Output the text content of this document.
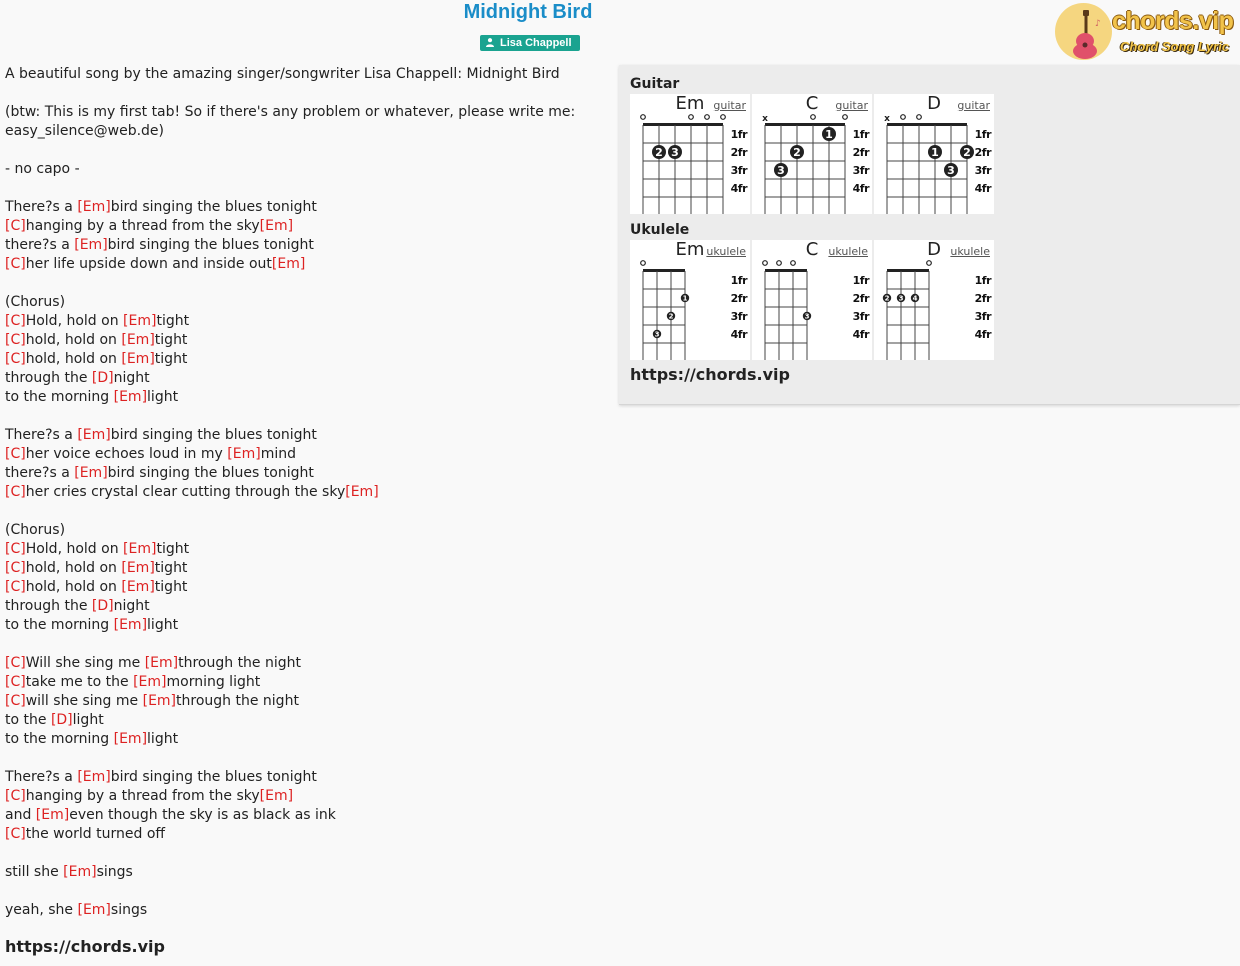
Midnight Bird
Lisa Chappell
♪ chords.vip
Chord Song Lyric
A beautiful song by the amazing singer/songwriter Lisa Chappell: Midnight Bird
(btw: This is my first tab! So if there's any problem or whatever, please write me:
easy_silence@web.de)
- no capo -
There?s a [Em]bird singing the blues tonight
[C]hanging by a thread from the sky[Em]
there?s a [Em]bird singing the blues tonight
[C]her life upside down and inside out[Em]
(Chorus)
[C]Hold, hold on [Em]tight
[C]hold, hold on [Em]tight
[C]hold, hold on [Em]tight
through the [D]night
to the morning [Em]light
There?s a [Em]bird singing the blues tonight
[C]her voice echoes loud in my [Em]mind
there?s a [Em]bird singing the blues tonight
[C]her cries crystal clear cutting through the sky[Em]
(Chorus)
[C]Hold, hold on [Em]tight
[C]hold, hold on [Em]tight
[C]hold, hold on [Em]tight
through the [D]night
to the morning [Em]light
[C]Will she sing me [Em]through the night
[C]take me to the [Em]morning light
[C]will she sing me [Em]through the night
to the [D]light
to the morning [Em]light
There?s a [Em]bird singing the blues tonight
[C]hanging by a thread from the sky[Em]
and [Em]even though the sky is as black as ink
[C]the world turned off
still she [Em]sings
yeah, she [Em]sings
https://chords.vip
Guitar
2 3
1fr
2fr
3fr
4fr
Em guitar
x
3
2
1 1fr
2fr
3fr
4fr
C	guitar
x
1
3
2
1fr
2fr
3fr
4fr
D	guitar
Ukulele
3
2
1
1fr
2fr
3fr
4fr
Em ukulele
3
1fr
2fr
3fr
4fr
C ukulele
2 3 4
1fr
2fr
3fr
4fr
D ukulele
https://chords.vip
